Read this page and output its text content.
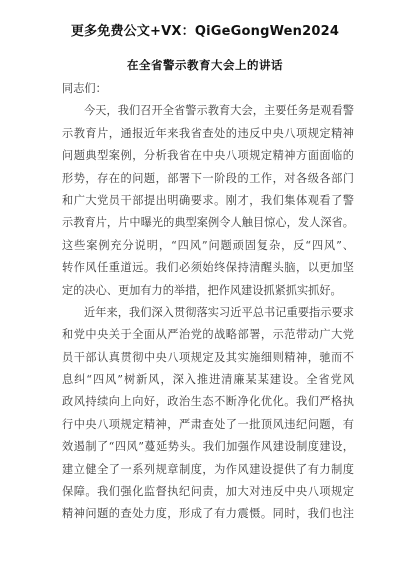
更多免费公文+VX：QiGeGongWen2024
在全省警示教育大会上的讲话
同志们：
今天，我们召开全省警示教育大会，主要任务是观看警
示教育片，通报近年来我省查处的违反中央八项规定精神
问题典型案例，分析我省在中央八项规定精神方面面临的
形势，存在的问题，部署下一阶段的工作，对各级各部门
和广大党员干部提出明确要求。刚才，我们集体观看了警
示教育片，片中曝光的典型案例令人触目惊心，发人深省。
这些案例充分说明，“四风”问题顽固复杂，反“四风”、
转作风任重道远。我们必须始终保持清醒头脑，以更加坚
定的决心、更加有力的举措，把作风建设抓紧抓实抓好。
近年来，我们深入贯彻落实习近平总书记重要指示要求
和党中央关于全面从严治党的战略部署，示范带动广大党
员干部认真贯彻中央八项规定及其实施细则精神，驰而不
息纠“四风”树新风，深入推进清廉某某建设。全省党风
政风持续向上向好，政治生态不断净化优化。我们严格执
行中央八项规定精神，严肃查处了一批顶风违纪问题，有
效遏制了“四风”蔓延势头。我们加强作风建设制度建设，
建立健全了一系列规章制度，为作风建设提供了有力制度
保障。我们强化监督执纪问责，加大对违反中央八项规定
精神问题的查处力度，形成了有力震慑。同时，我们也注
